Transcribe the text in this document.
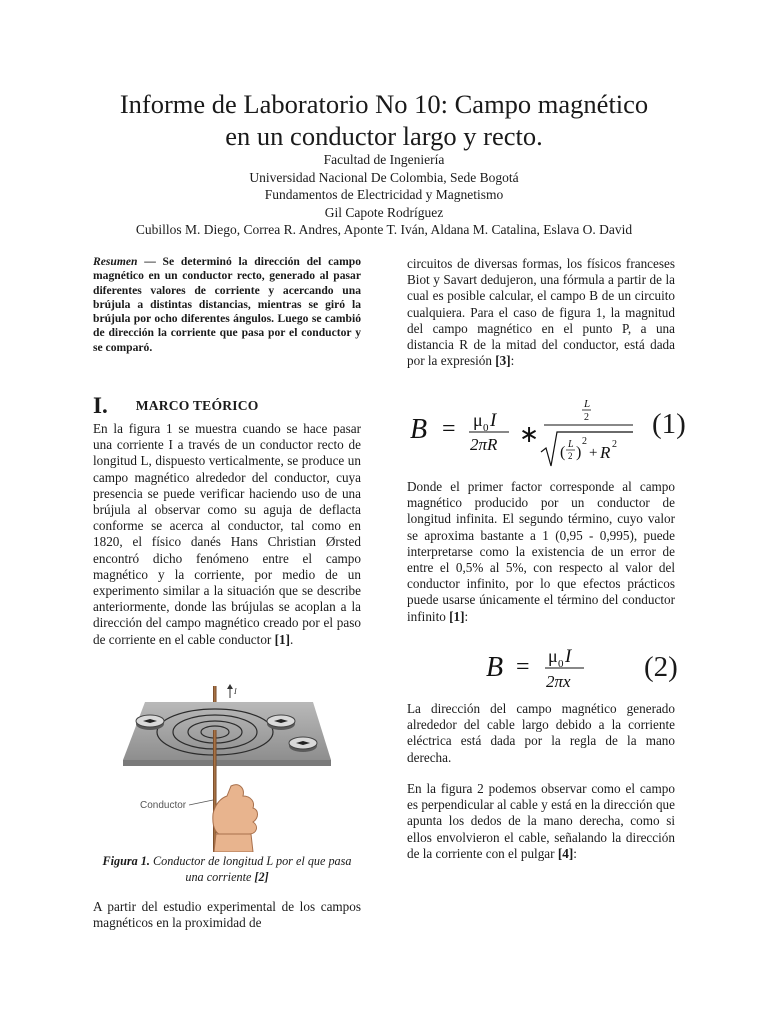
Informe de Laboratorio No 10: Campo magnético
en un conductor largo y recto.
Facultad de Ingeniería
Universidad Nacional De Colombia, Sede Bogotá
Fundamentos de Electricidad y Magnetismo
Gil Capote Rodríguez
Cubillos M. Diego, Correa R. Andres, Aponte T. Iván, Aldana M. Catalina, Eslava O. David
Resumen — Se determinó la dirección del campo magnético en un conductor recto, generado al pasar diferentes valores de corriente y acercando una brújula a distintas distancias, mientras se giró la brújula por ocho diferentes ángulos. Luego se cambió de dirección la corriente que pasa por el conductor y se comparó.
I. MARCO TEÓRICO
En la figura 1 se muestra cuando se hace pasar una corriente I a través de un conductor recto de longitud L, dispuesto verticalmente, se produce un campo magnético alrededor del conductor, cuya presencia se puede verificar haciendo uso de una brújula al observar como su aguja de deflacta conforme se acerca al conductor, tal como en 1820, el físico danés Hans Christian Ørsted encontró dicho fenómeno entre el campo magnético y la corriente, por medio de un experimento similar a la situación que se describe anteriormente, donde las brújulas se acoplan a la dirección del campo magnético creado por el paso de corriente en el cable conductor [1].
I
Conductor
Figura 1. Conductor de longitud L por el que pasa una corriente [2]
A partir del estudio experimental de los campos magnéticos en la proximidad de
circuitos de diversas formas, los físicos franceses Biot y Savart dedujeron, una fórmula a partir de la cual es posible calcular, el campo B de un circuito cualquiera. Para el caso de figura 1, la magnitud del campo magnético en el punto P, a una distancia R de la mitad del conductor, está dada por la expresión [3]:
B = μ 0 I
2πR ∗
L
2
( L
2 )
2
+ R 2
(1)
Donde el primer factor corresponde al campo magnético producido por un conductor de longitud infinita. El segundo término, cuyo valor se aproxima bastante a 1 (0,95 - 0,995), puede interpretarse como la existencia de un error de entre el 0,5% al 5%, con respecto al valor del conductor infinito, por lo que efectos prácticos puede usarse únicamente el término del conductor infinito [1]:
B = μ 0 I
2πx	(2)
La dirección del campo magnético generado alrededor del cable largo debido a la corriente eléctrica está dada por la regla de la mano derecha.
En la figura 2 podemos observar como el campo es perpendicular al cable y está en la dirección que apunta los dedos de la mano derecha, como si ellos envolvieron el cable, señalando la dirección de la corriente con el pulgar [4]:
